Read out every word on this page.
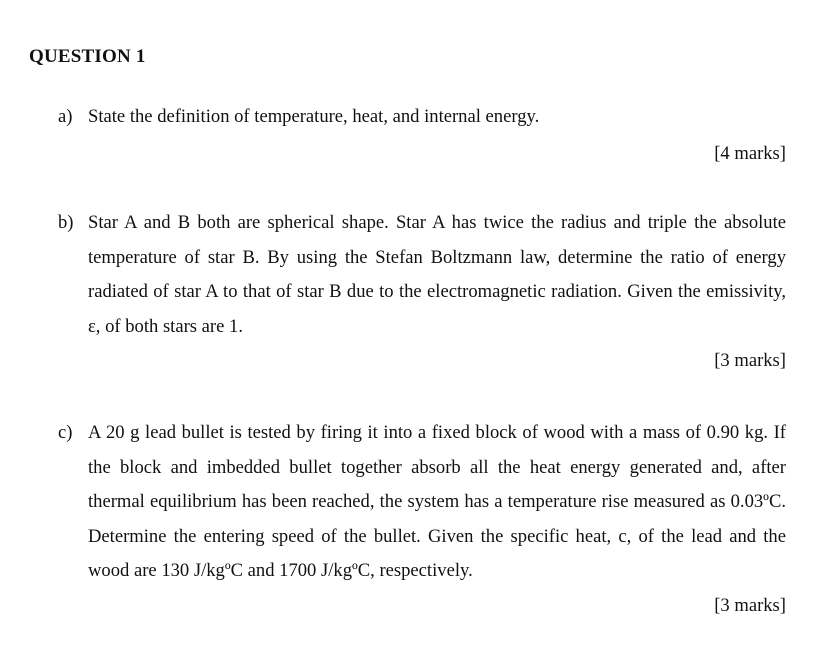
QUESTION 1
a) State the definition of temperature, heat, and internal energy.
[4 marks]
b) Star A and B both are spherical shape. Star A has twice the radius and triple the absolute temperature of star B. By using the Stefan Boltzmann law, determine the ratio of energy radiated of star A to that of star B due to the electromagnetic radiation. Given the emissivity, ε, of both stars are 1.
[3 marks]
c) A 20 g lead bullet is tested by firing it into a fixed block of wood with a mass of 0.90 kg. If the block and imbedded bullet together absorb all the heat energy generated and, after thermal equilibrium has been reached, the system has a temperature rise measured as 0.03ºC. Determine the entering speed of the bullet. Given the specific heat, c, of the lead and the wood are 130 J/kgºC and 1700 J/kgºC, respectively.
[3 marks]
